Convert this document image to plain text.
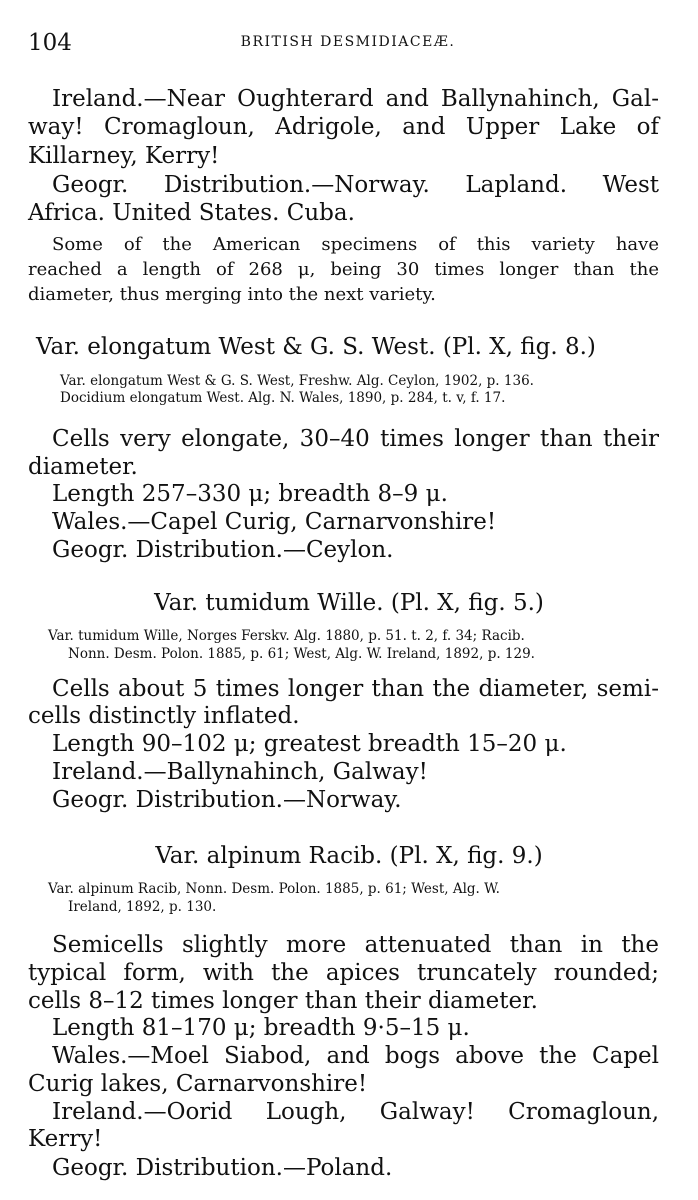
104	BRITISH DESMIDIACEÆ.
Ireland.—Near Oughterard and Ballynahinch, Gal-
way! Cromagloun, Adrigole, and Upper Lake of
Killarney, Kerry!
Geogr. Distribution.—Norway. Lapland. West
Africa. United States. Cuba.
Some of the American specimens of this variety have
reached a length of 268 μ, being 30 times longer than the
diameter, thus merging into the next variety.
Var. elongatum West & G. S. West. (Pl. X, fig. 8.)
Var. elongatum West & G. S. West, Freshw. Alg. Ceylon, 1902, p. 136.
Docidium elongatum West. Alg. N. Wales, 1890, p. 284, t. v, f. 17.
Cells very elongate, 30–40 times longer than their
diameter.
Length 257–330 μ; breadth 8–9 μ.
Wales.—Capel Curig, Carnarvonshire!
Geogr. Distribution.—Ceylon.
Var. tumidum Wille. (Pl. X, fig. 5.)
Var. tumidum Wille, Norges Ferskv. Alg. 1880, p. 51. t. 2, f. 34; Racib.
Nonn. Desm. Polon. 1885, p. 61; West, Alg. W. Ireland, 1892, p. 129.
Cells about 5 times longer than the diameter, semi-
cells distinctly inflated.
Length 90–102 μ; greatest breadth 15–20 μ.
Ireland.—Ballynahinch, Galway!
Geogr. Distribution.—Norway.
Var. alpinum Racib. (Pl. X, fig. 9.)
Var. alpinum Racib, Nonn. Desm. Polon. 1885, p. 61; West, Alg. W.
Ireland, 1892, p. 130.
Semicells slightly more attenuated than in the
typical form, with the apices truncately rounded;
cells 8–12 times longer than their diameter.
Length 81–170 μ; breadth 9·5–15 μ.
Wales.—Moel Siabod, and bogs above the Capel
Curig lakes, Carnarvonshire!
Ireland.—Oorid Lough, Galway! Cromagloun,
Kerry!
Geogr. Distribution.—Poland.
